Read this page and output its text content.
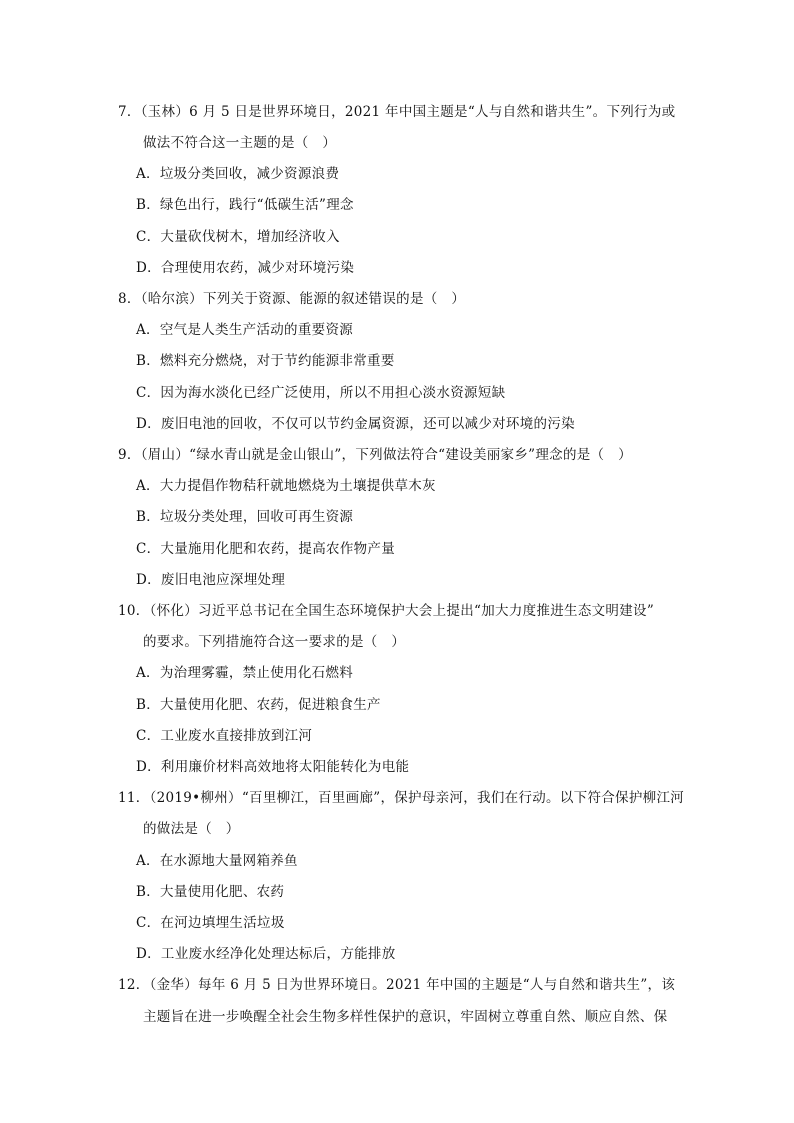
7．（玉林）6 月 5 日是世界环境日，2021 年中国主题是“人与自然和谐共生”。下列行为或
做法不符合这一主题的是（　）
A．垃圾分类回收，减少资源浪费
B．绿色出行，践行“低碳生活”理念
C．大量砍伐树木，增加经济收入
D．合理使用农药，减少对环境污染
8．（哈尔滨）下列关于资源、能源的叙述错误的是（　）
A．空气是人类生产活动的重要资源
B．燃料充分燃烧，对于节约能源非常重要
C．因为海水淡化已经广泛使用，所以不用担心淡水资源短缺
D．废旧电池的回收，不仅可以节约金属资源，还可以减少对环境的污染
9．（眉山）“绿水青山就是金山银山”，下列做法符合“建设美丽家乡”理念的是（　）
A．大力提倡作物秸秆就地燃烧为土壤提供草木灰
B．垃圾分类处理，回收可再生资源
C．大量施用化肥和农药，提高农作物产量
D．废旧电池应深埋处理
10．（怀化）习近平总书记在全国生态环境保护大会上提出“加大力度推进生态文明建设”
的要求。下列措施符合这一要求的是（　）
A．为治理雾霾，禁止使用化石燃料
B．大量使用化肥、农药，促进粮食生产
C．工业废水直接排放到江河
D．利用廉价材料高效地将太阳能转化为电能
11．（2019•柳州）“百里柳江，百里画廊”，保护母亲河，我们在行动。以下符合保护柳江河
的做法是（　）
A．在水源地大量网箱养鱼
B．大量使用化肥、农药
C．在河边填埋生活垃圾
D．工业废水经净化处理达标后，方能排放
12．（金华）每年 6 月 5 日为世界环境日。2021 年中国的主题是“人与自然和谐共生”，该
主题旨在进一步唤醒全社会生物多样性保护的意识，牢固树立尊重自然、顺应自然、保
